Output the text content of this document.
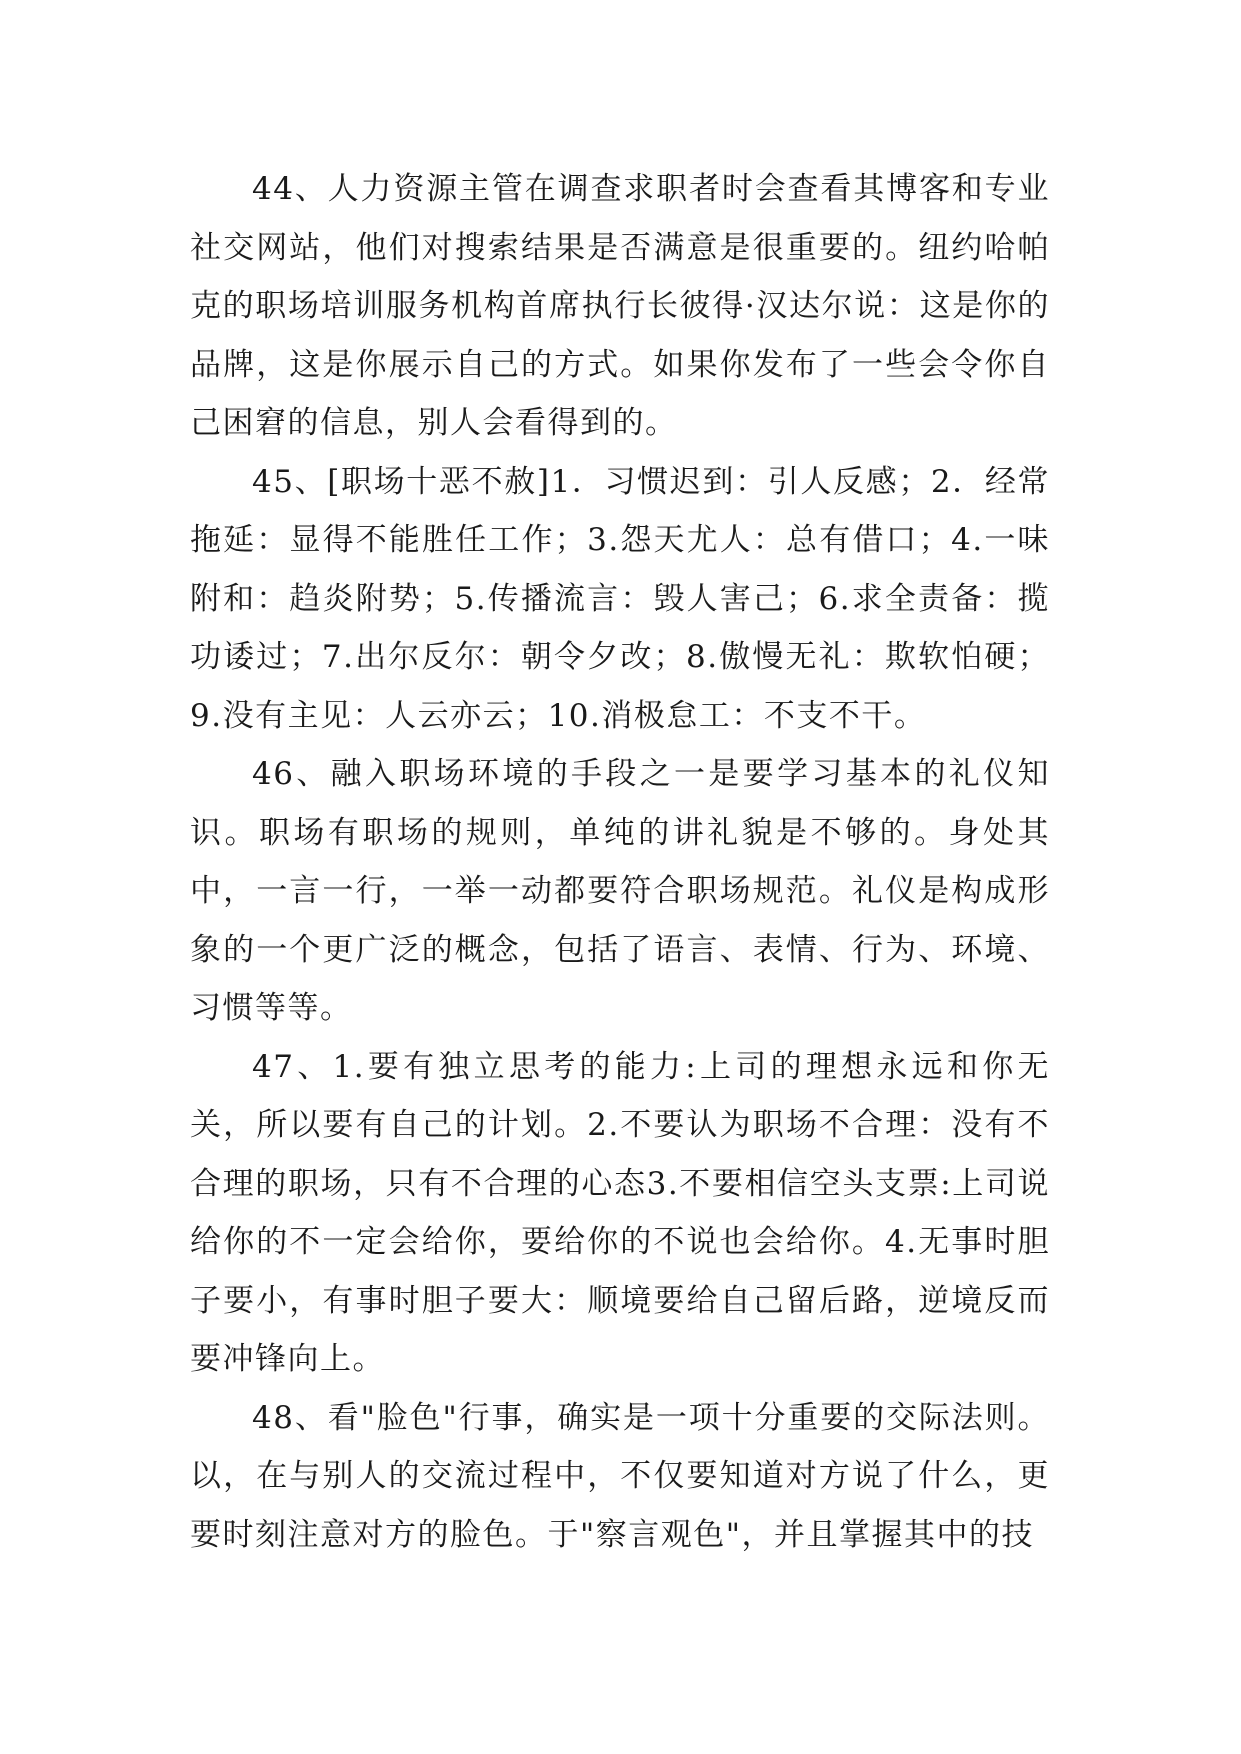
44、人力资源主管在调查求职者时会查看其博客和专业社交网站，他们对搜索结果是否满意是很重要的。纽约哈帕克的职场培训服务机构首席执行长彼得·汉达尔说：这是你的品牌，这是你展示自己的方式。如果你发布了一些会令你自己困窘的信息，别人会看得到的。

45、[职场十恶不赦]1．习惯迟到：引人反感；2．经常拖延：显得不能胜任工作；3.怨天尤人：总有借口；4.一味附和：趋炎附势；5.传播流言：毁人害己；6.求全责备：揽功诿过；7.出尔反尔：朝令夕改；8.傲慢无礼：欺软怕硬；9.没有主见：人云亦云；10.消极怠工：不支不干。

46、融入职场环境的手段之一是要学习基本的礼仪知识。职场有职场的规则，单纯的讲礼貌是不够的。身处其中，一言一行，一举一动都要符合职场规范。礼仪是构成形象的一个更广泛的概念，包括了语言、表情、行为、环境、习惯等等。

47、1.要有独立思考的能力:上司的理想永远和你无关，所以要有自己的计划。2.不要认为职场不合理：没有不合理的职场，只有不合理的心态3.不要相信空头支票:上司说给你的不一定会给你，要给你的不说也会给你。4.无事时胆子要小，有事时胆子要大：顺境要给自己留后路，逆境反而要冲锋向上。

48、看"脸色"行事，确实是一项十分重要的交际法则。以，在与别人的交流过程中，不仅要知道对方说了什么，更要时刻注意对方的脸色。于"察言观色"，并且掌握其中的技
